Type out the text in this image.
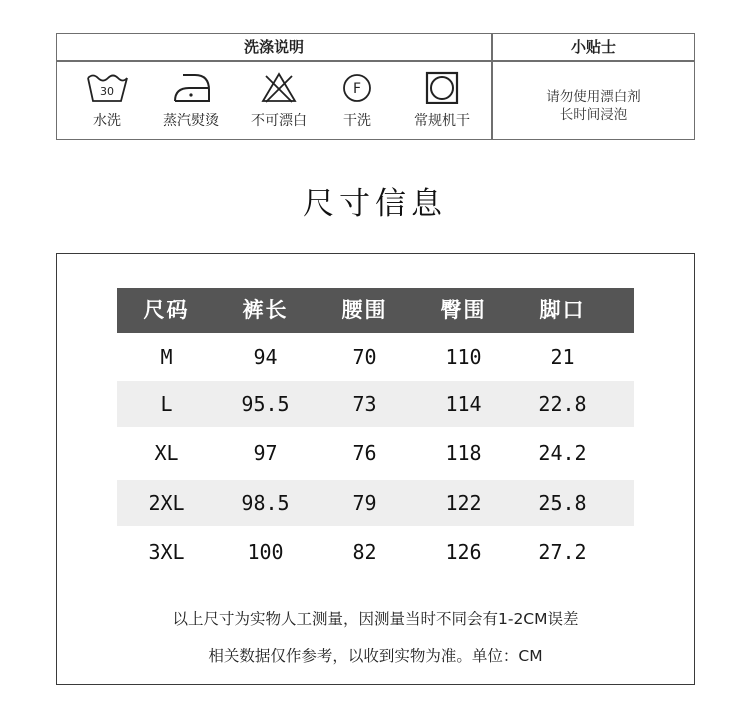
洗涤说明	小贴士
30
水洗	蒸汽熨烫	不可漂白
F
干洗	常规机干
请勿使用漂白剂
长时间浸泡
尺寸信息
尺码	裤长	腰围	臀围	脚口
M	94	70	110	21
L	95.5	73	114	22.8
XL	97	76	118	24.2
2XL	98.5	79	122	25.8
3XL	100	82	126	27.2
以上尺寸为实物人工测量，因测量当时不同会有1-2CM误差
相关数据仅作参考，以收到实物为准。单位：CM
